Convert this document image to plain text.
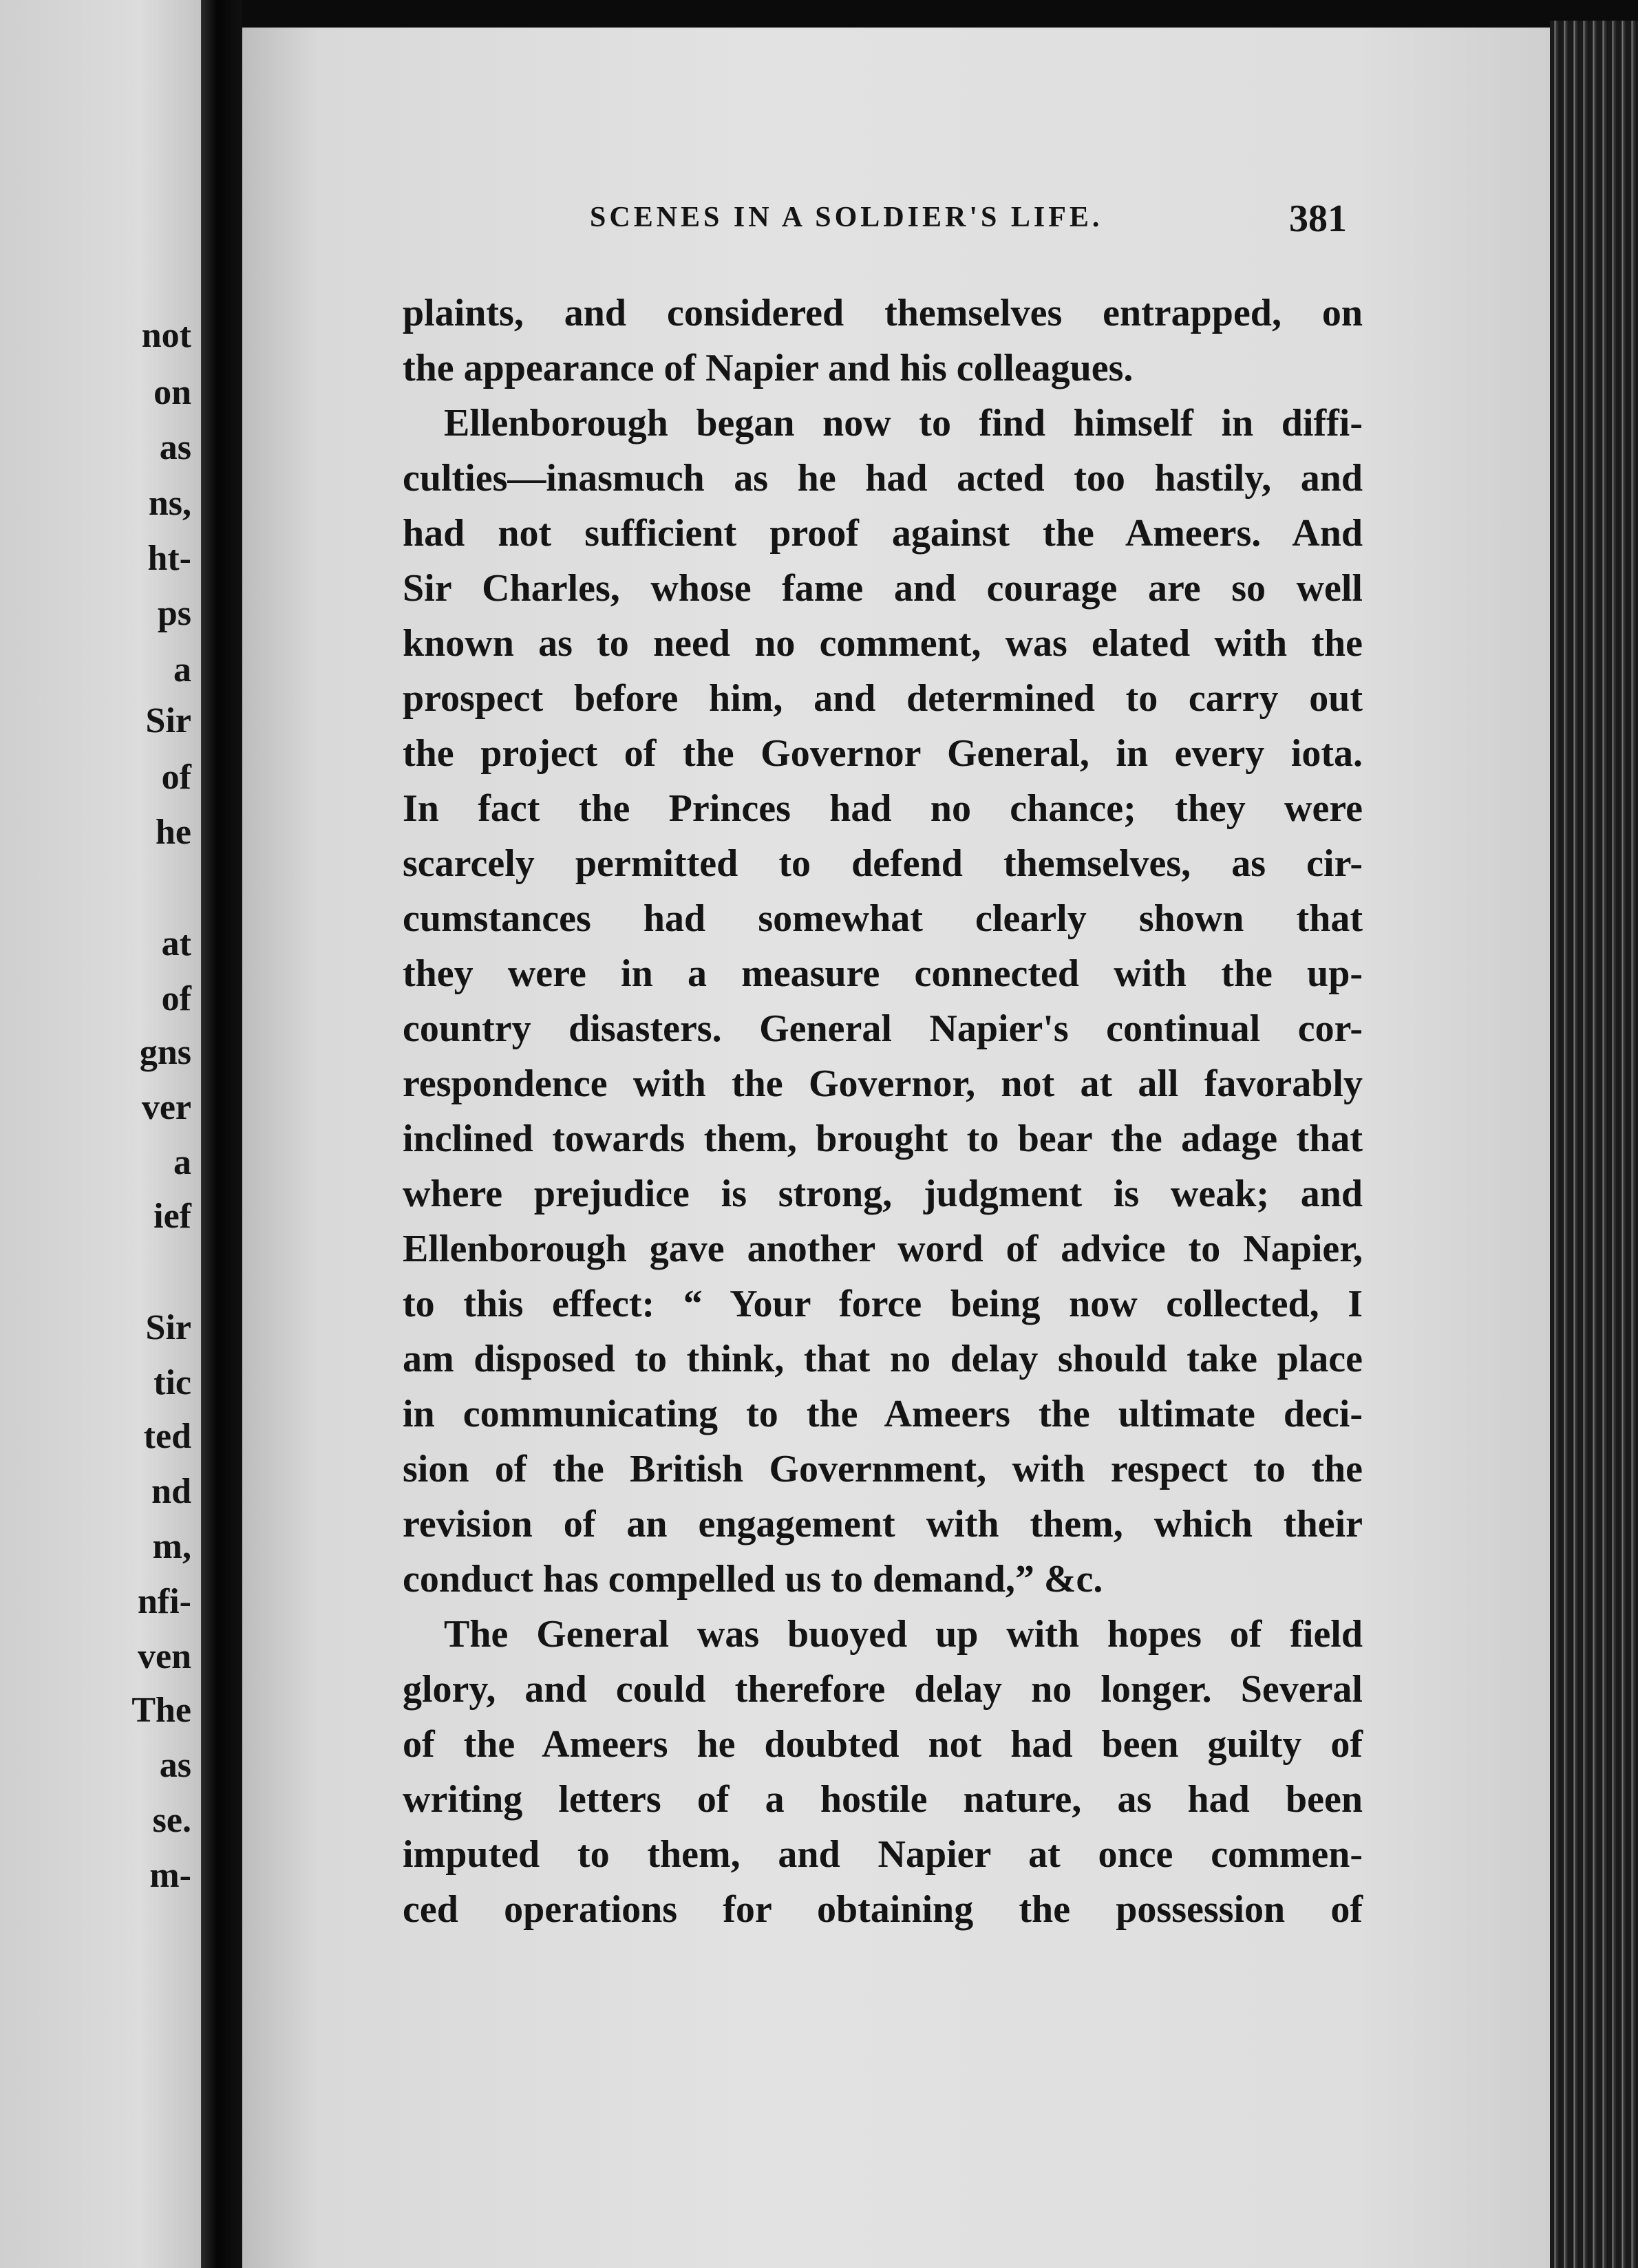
not
on
as
ns,
ht-
ps
a
Sir
of
he
at
of
gns
ver
a
ief
Sir
tic
ted
nd
m,
nfi-
ven
The
as
se.
m-
SCENES IN A SOLDIER'S LIFE.	381
plaints, and considered themselves entrapped, on
the appearance of Napier and his colleagues.
Ellenborough began now to find himself in diffi-
culties—inasmuch as he had acted too hastily, and
had not sufficient proof against the Ameers. And
Sir Charles, whose fame and courage are so well
known as to need no comment, was elated with the
prospect before him, and determined to carry out
the project of the Governor General, in every iota.
In fact the Princes had no chance; they were
scarcely permitted to defend themselves, as cir-
cumstances had somewhat clearly shown that
they were in a measure connected with the up-
country disasters. General Napier's continual cor-
respondence with the Governor, not at all favorably
inclined towards them, brought to bear the adage that
where prejudice is strong, judgment is weak; and
Ellenborough gave another word of advice to Napier,
to this effect: “ Your force being now collected, I
am disposed to think, that no delay should take place
in communicating to the Ameers the ultimate deci-
sion of the British Government, with respect to the
revision of an engagement with them, which their
conduct has compelled us to demand,” &c.
The General was buoyed up with hopes of field
glory, and could therefore delay no longer. Several
of the Ameers he doubted not had been guilty of
writing letters of a hostile nature, as had been
imputed to them, and Napier at once commen-
ced operations for obtaining the possession of
